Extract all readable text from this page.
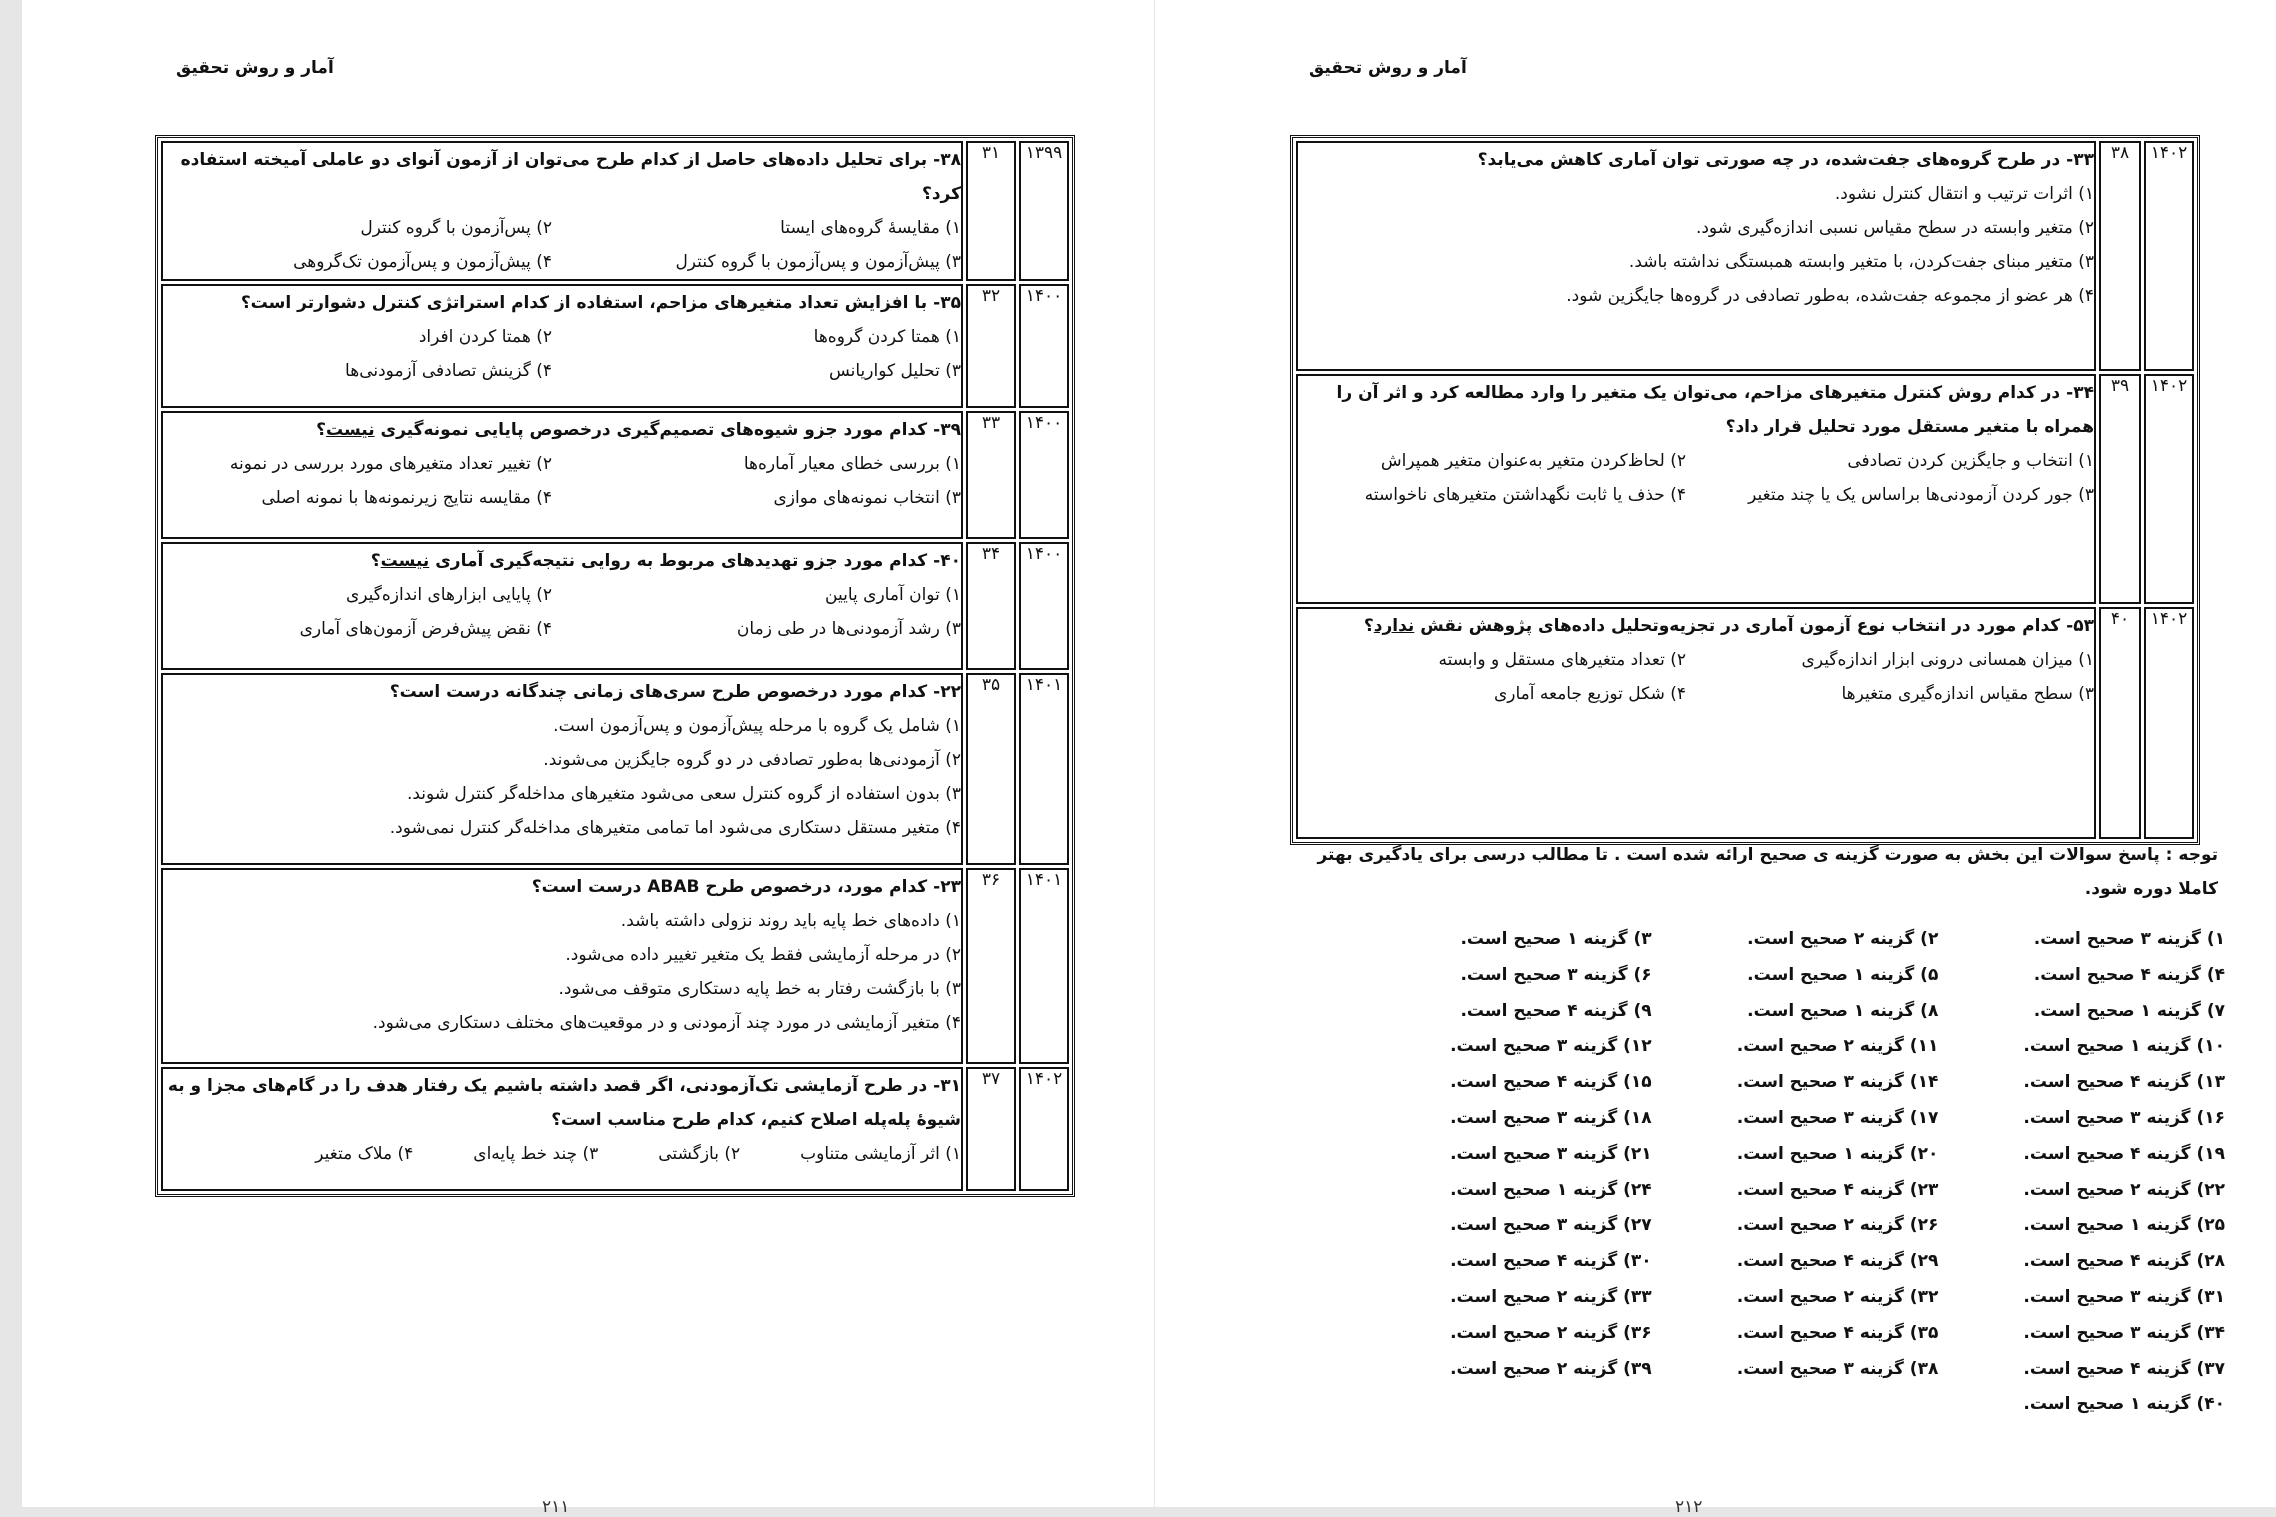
آمار و روش تحقیق
۱۳۹۹	۳۱	۳۸-برای تحلیل داده‌های حاصل از کدام طرح می‌توان از آزمون آنوای دو عاملی آمیخته استفاده کرد؟
۱) مقایسهٔ گروه‌های ایستا
۲) پس‌آزمون با گروه کنترل
۳) پیش‌آزمون و پس‌آزمون با گروه کنترل
۴) پیش‌آزمون و پس‌آزمون تک‌گروهی

۱۴۰۰	۳۲	۳۵-با افزایش تعداد متغیرهای مزاحم، استفاده از کدام استراتژی کنترل دشوارتر است؟
۱) همتا کردن گروه‌ها
۲) همتا کردن افراد
۳) تحلیل کواریانس
۴) گزینش تصادفی آزمودنی‌ها

۱۴۰۰	۳۳	۳۹-کدام مورد جزو شیوه‌های تصمیم‌گیری درخصوص پایایی نمونه‌گیری نیست؟
۱) بررسی خطای معیار آماره‌ها
۲) تغییر تعداد متغیرهای مورد بررسی در نمونه
۳) انتخاب نمونه‌های موازی
۴) مقایسه نتایج زیرنمونه‌ها با نمونه اصلی

۱۴۰۰	۳۴	۴۰-کدام مورد جزو تهدیدهای مربوط به روایی نتیجه‌گیری آماری نیست؟
۱) توان آماری پایین
۲) پایایی ابزارهای اندازه‌گیری
۳) رشد آزمودنی‌ها در طی زمان
۴) نقض پیش‌فرض آزمون‌های آماری

۱۴۰۱	۳۵	۲۲-کدام مورد درخصوص طرح سری‌های زمانی چندگانه درست است؟
۱) شامل یک گروه با مرحله پیش‌آزمون و پس‌آزمون است.
۲) آزمودنی‌ها به‌طور تصادفی در دو گروه جایگزین می‌شوند.
۳) بدون استفاده از گروه کنترل سعی می‌شود متغیرهای مداخله‌گر کنترل شوند.
۴) متغیر مستقل دستکاری می‌شود اما تمامی متغیرهای مداخله‌گر کنترل نمی‌شود.

۱۴۰۱	۳۶	۲۳-کدام مورد، درخصوص طرح ABAB درست است؟
۱) داده‌های خط پایه باید روند نزولی داشته باشد.
۲) در مرحله آزمایشی فقط یک متغیر تغییر داده می‌شود.
۳) با بازگشت رفتار به خط پایه دستکاری متوقف می‌شود.
۴) متغیر آزمایشی در مورد چند آزمودنی و در موقعیت‌های مختلف دستکاری می‌شود.

۱۴۰۲	۳۷	۳۱-در طرح آزمایشی تک‌آزمودنی، اگر قصد داشته باشیم یک رفتار هدف را در گام‌های مجزا و به شیوهٔ پله‌پله اصلاح کنیم، کدام طرح مناسب است؟
۱) اثر آزمایشی متناوب
۲) بازگشتی
۳) چند خط پایه‌ای
۴) ملاک متغیر
۲۱۱
آمار و روش تحقیق
۱۴۰۲	۳۸	۳۳-در طرح گروه‌های جفت‌شده، در چه صورتی توان آماری کاهش می‌یابد؟
۱) اثرات ترتیب و انتقال کنترل نشود.
۲) متغیر وابسته در سطح مقیاس نسبی اندازه‌گیری شود.
۳) متغیر مبنای جفت‌کردن، با متغیر وابسته همبستگی نداشته باشد.
۴) هر عضو از مجموعه جفت‌شده، به‌طور تصادفی در گروه‌ها جایگزین شود.

۱۴۰۲	۳۹	۳۴-در کدام روش کنترل متغیرهای مزاحم، می‌توان یک متغیر را وارد مطالعه کرد و اثر آن را همراه با متغیر مستقل مورد تحلیل قرار داد؟
۱) انتخاب و جایگزین کردن تصادفی
۲) لحاظ‌کردن متغیر به‌عنوان متغیر همپراش
۳) جور کردن آزمودنی‌ها براساس یک یا چند متغیر
۴) حذف یا ثابت نگهداشتن متغیرهای ناخواسته

۱۴۰۲	۴۰	۵۳-کدام مورد در انتخاب نوع آزمون آماری در تجزیه‌وتحلیل داده‌های پژوهش نقش ندارد؟
۱) میزان همسانی درونی ابزار اندازه‌گیری
۲) تعداد متغیرهای مستقل و وابسته
۳) سطح مقیاس اندازه‌گیری متغیرها
۴) شکل توزیع جامعه آماری
توجه : پاسخ سوالات این بخش به صورت گزینه ی صحیح ارائه شده است . تا مطالب درسی برای یادگیری بهتر کاملا دوره شود.
۱) گزینه ۳ صحیح است.
۲) گزینه ۲ صحیح است.
۳) گزینه ۱ صحیح است.
۴) گزینه ۴ صحیح است.
۵) گزینه ۱ صحیح است.
۶) گزینه ۳ صحیح است.
۷) گزینه ۱ صحیح است.
۸) گزینه ۱ صحیح است.
۹) گزینه ۴ صحیح است.
۱۰) گزینه ۱ صحیح است.
۱۱) گزینه ۲ صحیح است.
۱۲) گزینه ۳ صحیح است.
۱۳) گزینه ۴ صحیح است.
۱۴) گزینه ۳ صحیح است.
۱۵) گزینه ۴ صحیح است.
۱۶) گزینه ۳ صحیح است.
۱۷) گزینه ۳ صحیح است.
۱۸) گزینه ۳ صحیح است.
۱۹) گزینه ۴ صحیح است.
۲۰) گزینه ۱ صحیح است.
۲۱) گزینه ۳ صحیح است.
۲۲) گزینه ۲ صحیح است.
۲۳) گزینه ۴ صحیح است.
۲۴) گزینه ۱ صحیح است.
۲۵) گزینه ۱ صحیح است.
۲۶) گزینه ۲ صحیح است.
۲۷) گزینه ۳ صحیح است.
۲۸) گزینه ۴ صحیح است.
۲۹) گزینه ۴ صحیح است.
۳۰) گزینه ۴ صحیح است.
۳۱) گزینه ۳ صحیح است.
۳۲) گزینه ۲ صحیح است.
۳۳) گزینه ۲ صحیح است.
۳۴) گزینه ۳ صحیح است.
۳۵) گزینه ۴ صحیح است.
۳۶) گزینه ۲ صحیح است.
۳۷) گزینه ۴ صحیح است.
۳۸) گزینه ۳ صحیح است.
۳۹) گزینه ۲ صحیح است.
۴۰) گزینه ۱ صحیح است.
۲۱۲
